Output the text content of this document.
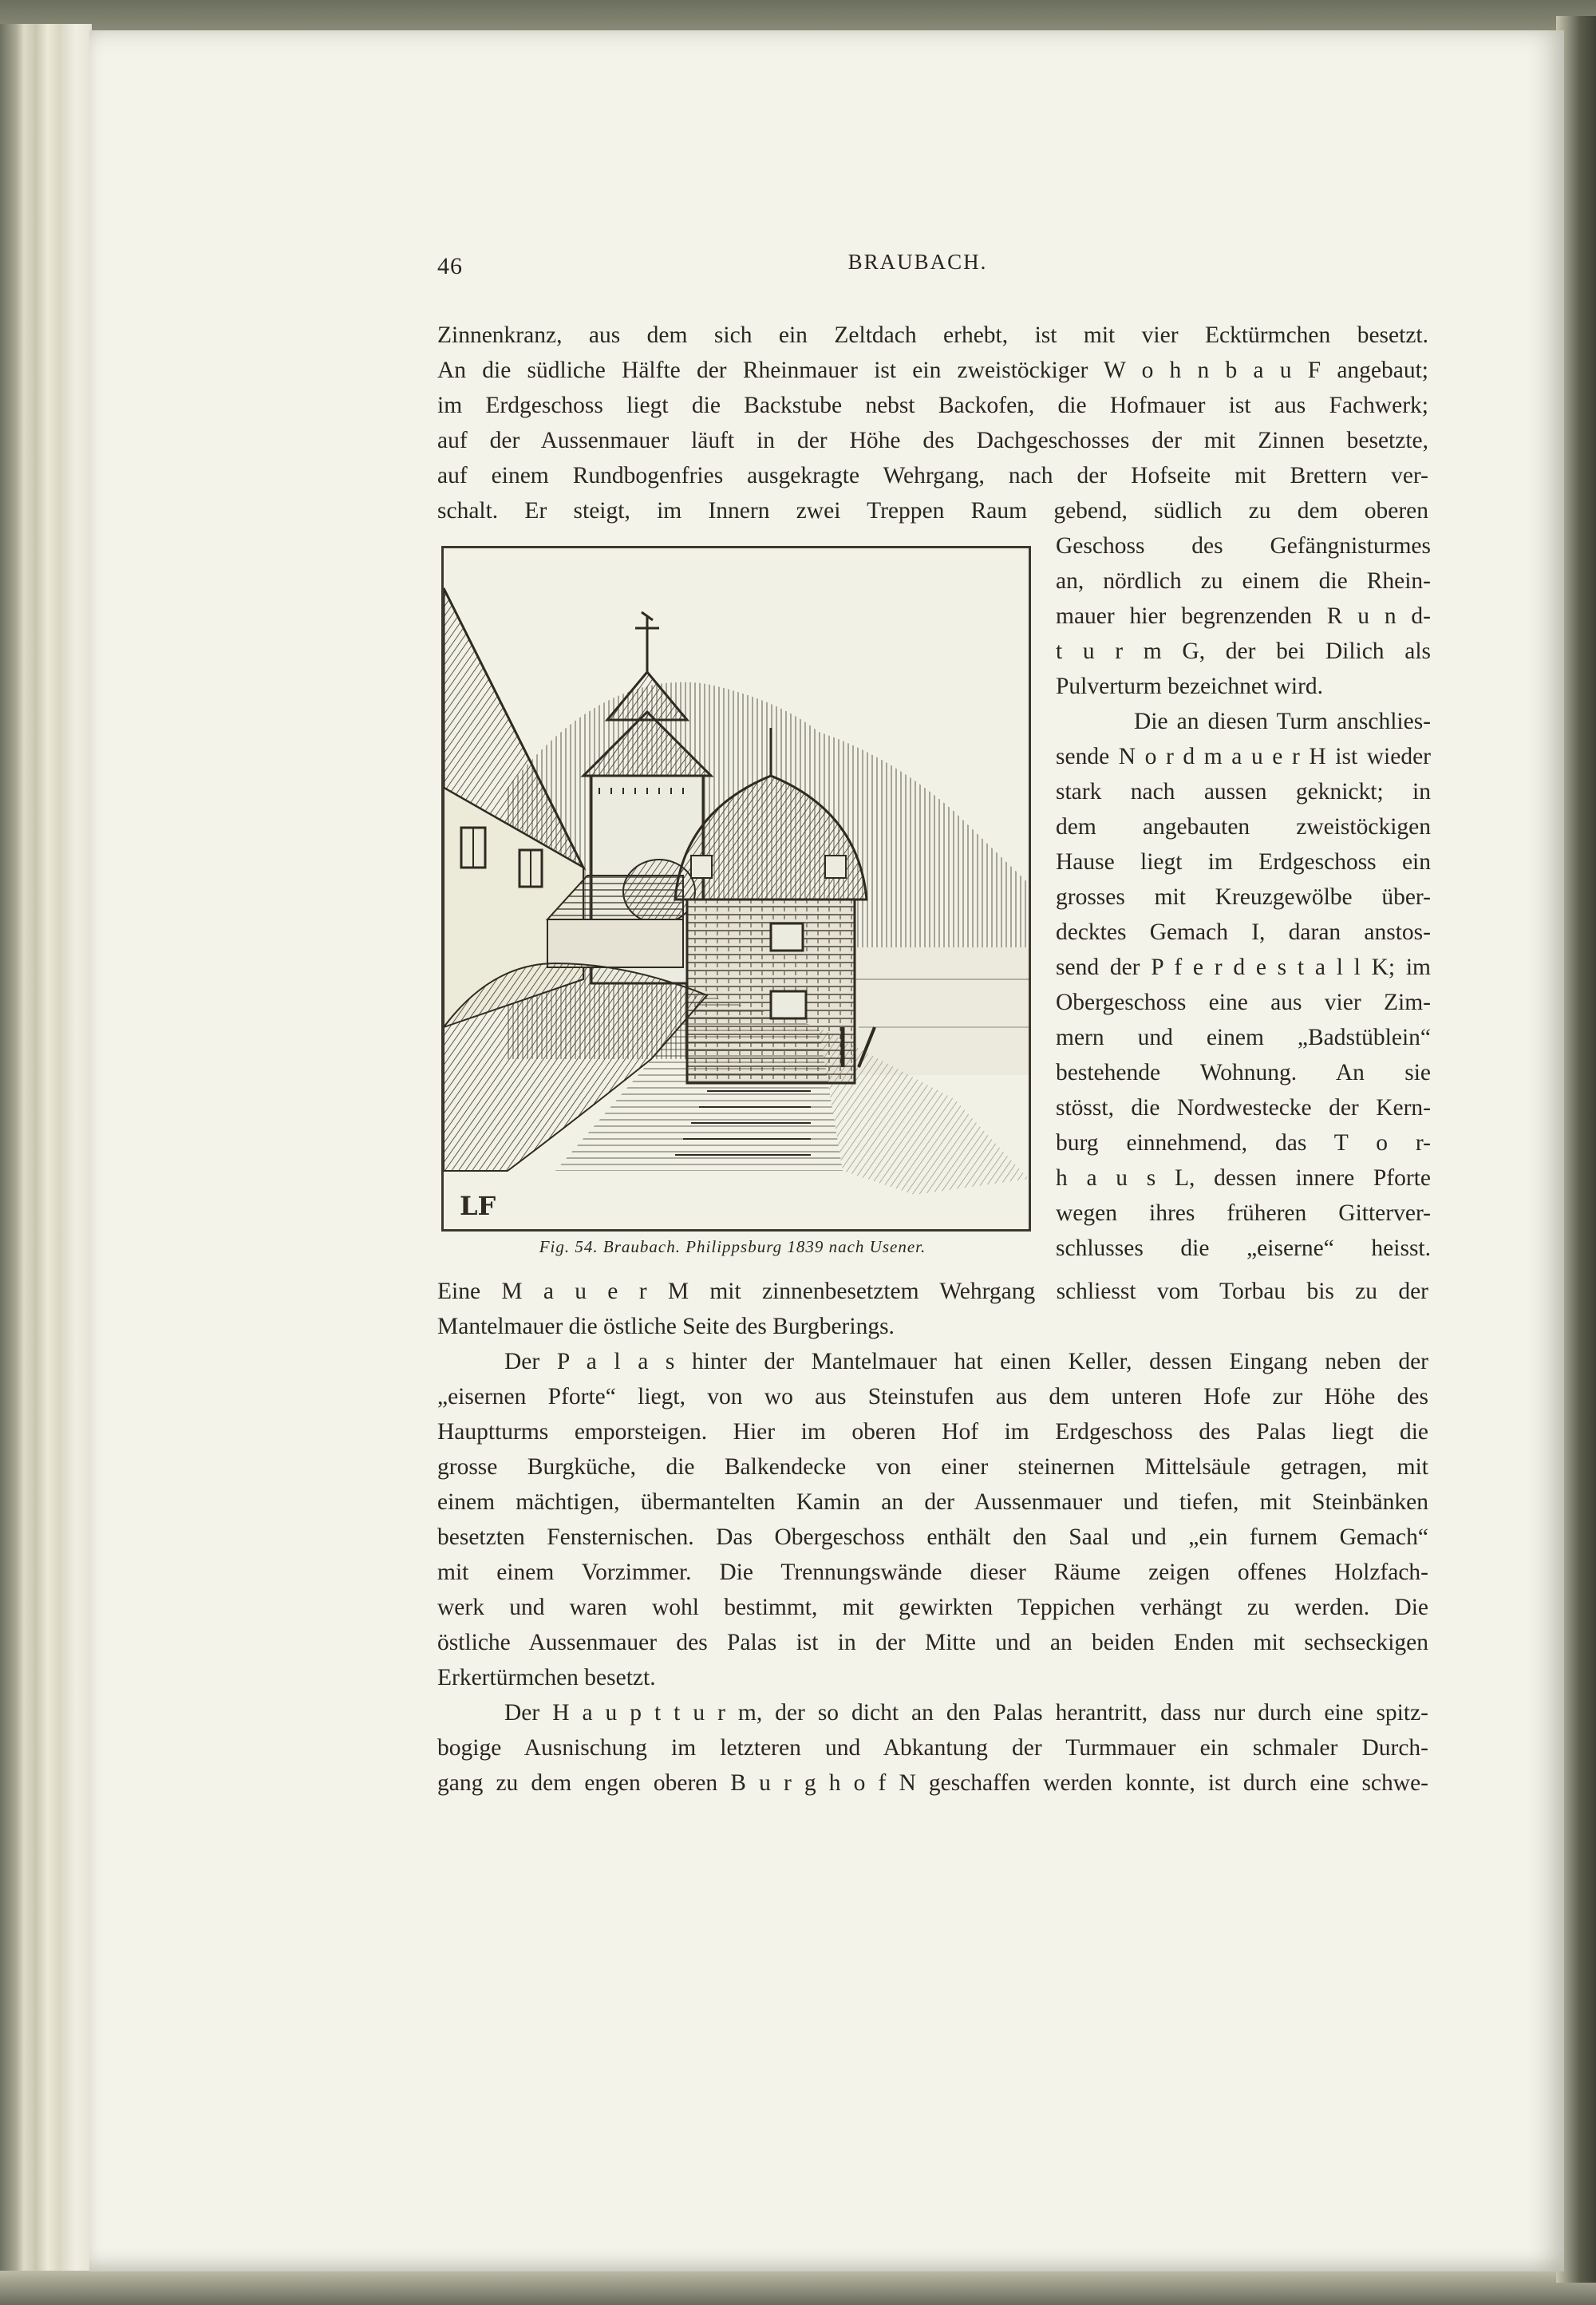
46	BRAUBACH.
Zinnenkranz, aus dem sich ein Zeltdach erhebt, ist mit vier Ecktürmchen besetzt.
An die südliche Hälfte der Rheinmauer ist ein zweistöckiger W o h n b a u F angebaut;
im Erdgeschoss liegt die Backstube nebst Backofen, die Hofmauer ist aus Fachwerk;
auf der Aussenmauer läuft in der Höhe des Dachgeschosses der mit Zinnen besetzte,
auf einem Rundbogenfries ausgekragte Wehrgang, nach der Hofseite mit Brettern ver-
schalt. Er steigt, im Innern zwei Treppen Raum gebend, südlich zu dem oberen
LF
Fig. 54. Braubach. Philippsburg 1839 nach Usener.
Geschoss des Gefängnisturmes
an, nördlich zu einem die Rhein-
mauer hier begrenzenden R u n d-
t u r m G, der bei Dilich als
Pulverturm bezeichnet wird.
Die an diesen Turm anschlies-
sende N o r d m a u e r H ist wieder
stark nach aussen geknickt; in
dem angebauten zweistöckigen
Hause liegt im Erdgeschoss ein
grosses mit Kreuzgewölbe über-
decktes Gemach I, daran anstos-
send der P f e r d e s t a l l K; im
Obergeschoss eine aus vier Zim-
mern und einem „Badstüblein“
bestehende Wohnung. An sie
stösst, die Nordwestecke der Kern-
burg einnehmend, das T o r-
h a u s L, dessen innere Pforte
wegen ihres früheren Gitterver-
schlusses die „eiserne“ heisst.
Eine M a u e r M mit zinnenbesetztem Wehrgang schliesst vom Torbau bis zu der
Mantelmauer die östliche Seite des Burgberings.
Der P a l a s hinter der Mantelmauer hat einen Keller, dessen Eingang neben der
„eisernen Pforte“ liegt, von wo aus Steinstufen aus dem unteren Hofe zur Höhe des
Hauptturms emporsteigen. Hier im oberen Hof im Erdgeschoss des Palas liegt die
grosse Burgküche, die Balkendecke von einer steinernen Mittelsäule getragen, mit
einem mächtigen, übermantelten Kamin an der Aussenmauer und tiefen, mit Steinbänken
besetzten Fensternischen. Das Obergeschoss enthält den Saal und „ein furnem Gemach“
mit einem Vorzimmer. Die Trennungswände dieser Räume zeigen offenes Holzfach-
werk und waren wohl bestimmt, mit gewirkten Teppichen verhängt zu werden. Die
östliche Aussenmauer des Palas ist in der Mitte und an beiden Enden mit sechseckigen
Erkertürmchen besetzt.
Der H a u p t t u r m, der so dicht an den Palas herantritt, dass nur durch eine spitz-
bogige Ausnischung im letzteren und Abkantung der Turmmauer ein schmaler Durch-
gang zu dem engen oberen B u r g h o f N geschaffen werden konnte, ist durch eine schwe-
